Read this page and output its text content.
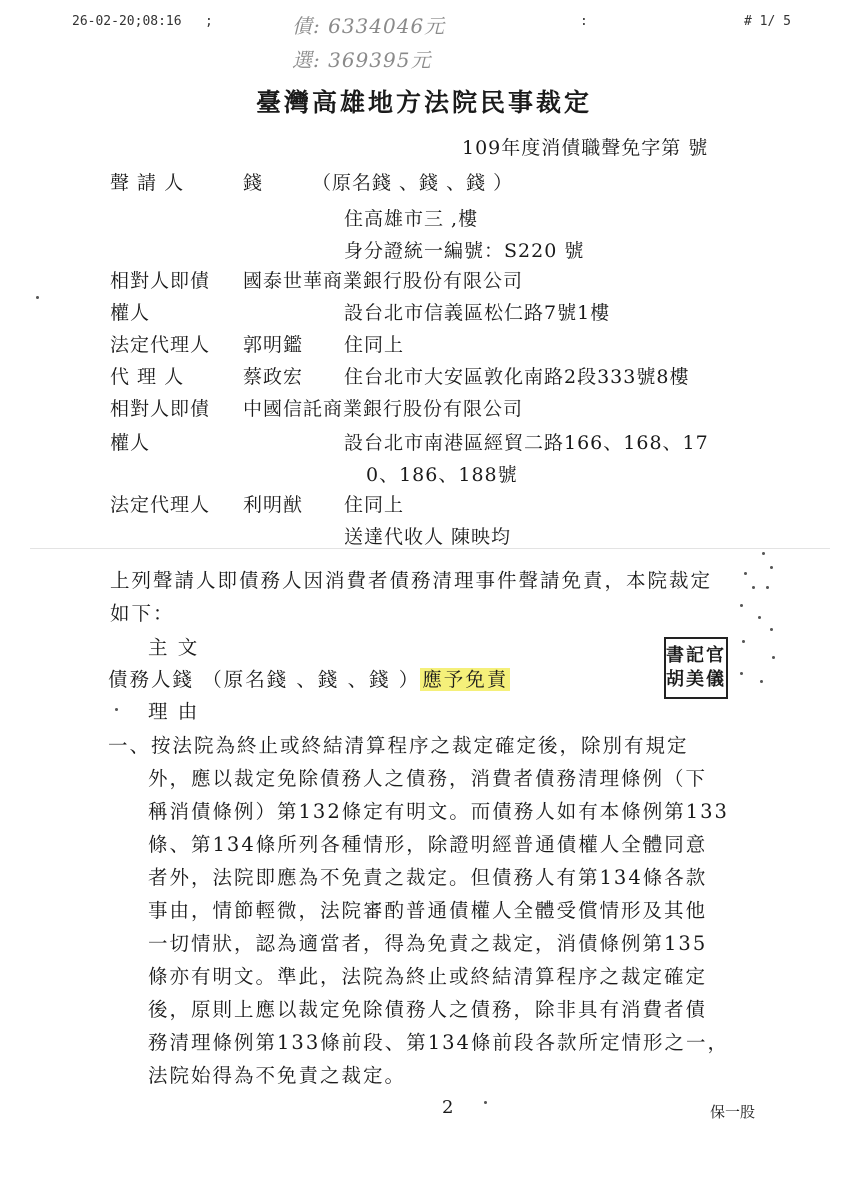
26-02-20;08:16 ;	:	# 1/ 5
債: 6334046元
選: 369395元
臺灣高雄地方法院民事裁定
109年度消債職聲免字第 號
聲 請 人	錢	（原名錢 、錢 、錢 ）
住高雄市三 ,樓
身分證統一編號：S220 號
相對人即債 國泰世華商業銀行股份有限公司
權人	設台北市信義區松仁路7號1樓
法定代理人 郭明鑑 住同上
代 理 人	蔡政宏 住台北市大安區敦化南路2段333號8樓
相對人即債 中國信託商業銀行股份有限公司
權人	設台北市南港區經貿二路166、168、17
0、186、188號
法定代理人 利明猷 住同上
送達代收人 陳映均
上列聲請人即債務人因消費者債務清理事件聲請免責，本院裁定
如下：
主 文
債務人錢 （原名錢 、錢 、錢 ） 應予免責
書記官
胡美儀
理 由
一、按法院為終止或終結清算程序之裁定確定後，除別有規定
外，應以裁定免除債務人之債務，消費者債務清理條例（下
稱消債條例）第132條定有明文。而債務人如有本條例第133
條、第134條所列各種情形，除證明經普通債權人全體同意
者外，法院即應為不免責之裁定。但債務人有第134條各款
事由，情節輕微，法院審酌普通債權人全體受償情形及其他
一切情狀，認為適當者，得為免責之裁定，消債條例第135
條亦有明文。準此，法院為終止或終結清算程序之裁定確定
後，原則上應以裁定免除債務人之債務，除非具有消費者債
務清理條例第133條前段、第134條前段各款所定情形之一，
法院始得為不免責之裁定。
2	保一股
